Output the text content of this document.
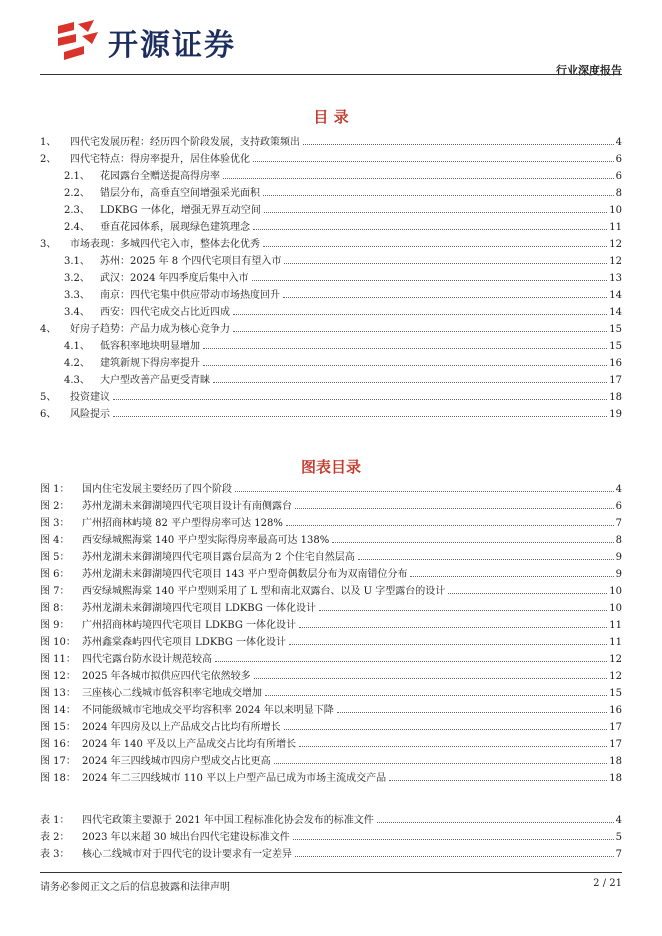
开源证券
行业深度报告
目 录
1、	四代宅发展历程：经历四个阶段发展，支持政策频出	4
2、	四代宅特点：得房率提升，居住体验优化	6
2.1、	花园露台全赠送提高得房率	6
2.2、	错层分布，高垂直空间增强采光面积	8
2.3、	LDKBG 一体化，增强无界互动空间	10
2.4、	垂直花园体系，展现绿色建筑理念	11
3、	市场表现：多城四代宅入市，整体去化优秀	12
3.1、	苏州：2025 年 8 个四代宅项目有望入市	12
3.2、	武汉：2024 年四季度后集中入市	13
3.3、	南京：四代宅集中供应带动市场热度回升	14
3.4、	西安：四代宅成交占比近四成	14
4、	好房子趋势：产品力成为核心竞争力	15
4.1、	低容积率地块明显增加	15
4.2、	建筑新规下得房率提升	16
4.3、	大户型改善产品更受青睐	17
5、	投资建议	18
6、	风险提示	19
图表目录
图 1：	国内住宅发展主要经历了四个阶段	4
图 2：	苏州龙湖未来御湖境四代宅项目设计有南侧露台	6
图 3：	广州招商林屿境 82 平户型得房率可达 128%	7
图 4：	西安绿城熙海棠 140 平户型实际得房率最高可达 138%	8
图 5：	苏州龙湖未来御湖境四代宅项目露台层高为 2 个住宅自然层高	9
图 6：	苏州龙湖未来御湖境四代宅项目 143 平户型奇偶数层分布为双南错位分布	9
图 7：	西安绿城熙海棠 140 平户型则采用了 L 型和南北双露台、以及 U 字型露台的设计	10
图 8：	苏州龙湖未来御湖境四代宅项目 LDKBG 一体化设计	10
图 9：	广州招商林屿境四代宅项目 LDKBG 一体化设计	11
图 10： 苏州鑫棠森屿四代宅项目 LDKBG 一体化设计	11
图 11： 四代宅露台防水设计规范较高	12
图 12： 2025 年各城市拟供应四代宅依然较多	12
图 13： 三座核心二线城市低容积率宅地成交增加	15
图 14： 不同能级城市宅地成交平均容积率 2024 年以来明显下降	16
图 15： 2024 年四房及以上产品成交占比均有所增长	17
图 16： 2024 年 140 平及以上产品成交占比均有所增长	17
图 17： 2024 年三四线城市四房户型成交占比更高	18
图 18： 2024 年二三四线城市 110 平以上户型产品已成为市场主流成交产品	18
表 1：	四代宅政策主要源于 2021 年中国工程标准化协会发布的标准文件	4
表 2：	2023 年以来超 30 城出台四代宅建设标准文件	5
表 3：	核心二线城市对于四代宅的设计要求有一定差异	7
请务必参阅正文之后的信息披露和法律声明	2 / 21
